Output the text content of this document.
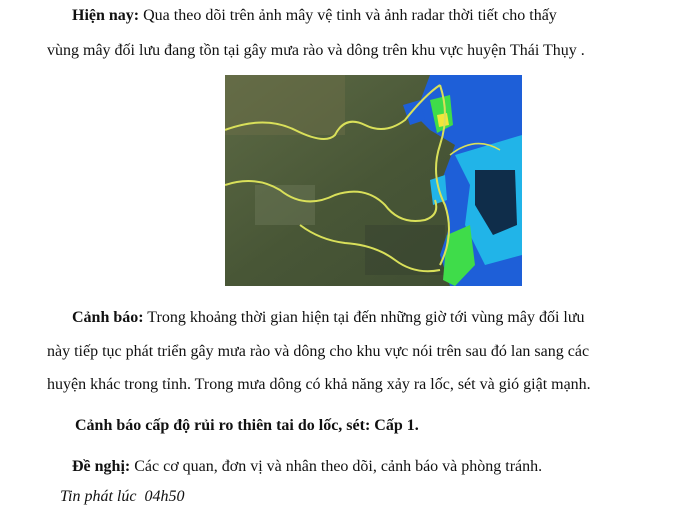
Hiện nay: Qua theo dõi trên ảnh mây vệ tinh và ảnh radar thời tiết cho thấy
vùng mây đối lưu đang tồn tại gây mưa rào và dông trên khu vực huyện Thái Thụy .
Cảnh báo: Trong khoảng thời gian hiện tại đến những giờ tới vùng mây đối lưu
này tiếp tục phát triển gây mưa rào và dông cho khu vực nói trên sau đó lan sang các
huyện khác trong tỉnh. Trong mưa dông có khả năng xảy ra lốc, sét và gió giật mạnh.
Cảnh báo cấp độ rủi ro thiên tai do lốc, sét: Cấp 1.
Đề nghị: Các cơ quan, đơn vị và nhân theo dõi, cảnh báo và phòng tránh.
Tin phát lúc  04h50
